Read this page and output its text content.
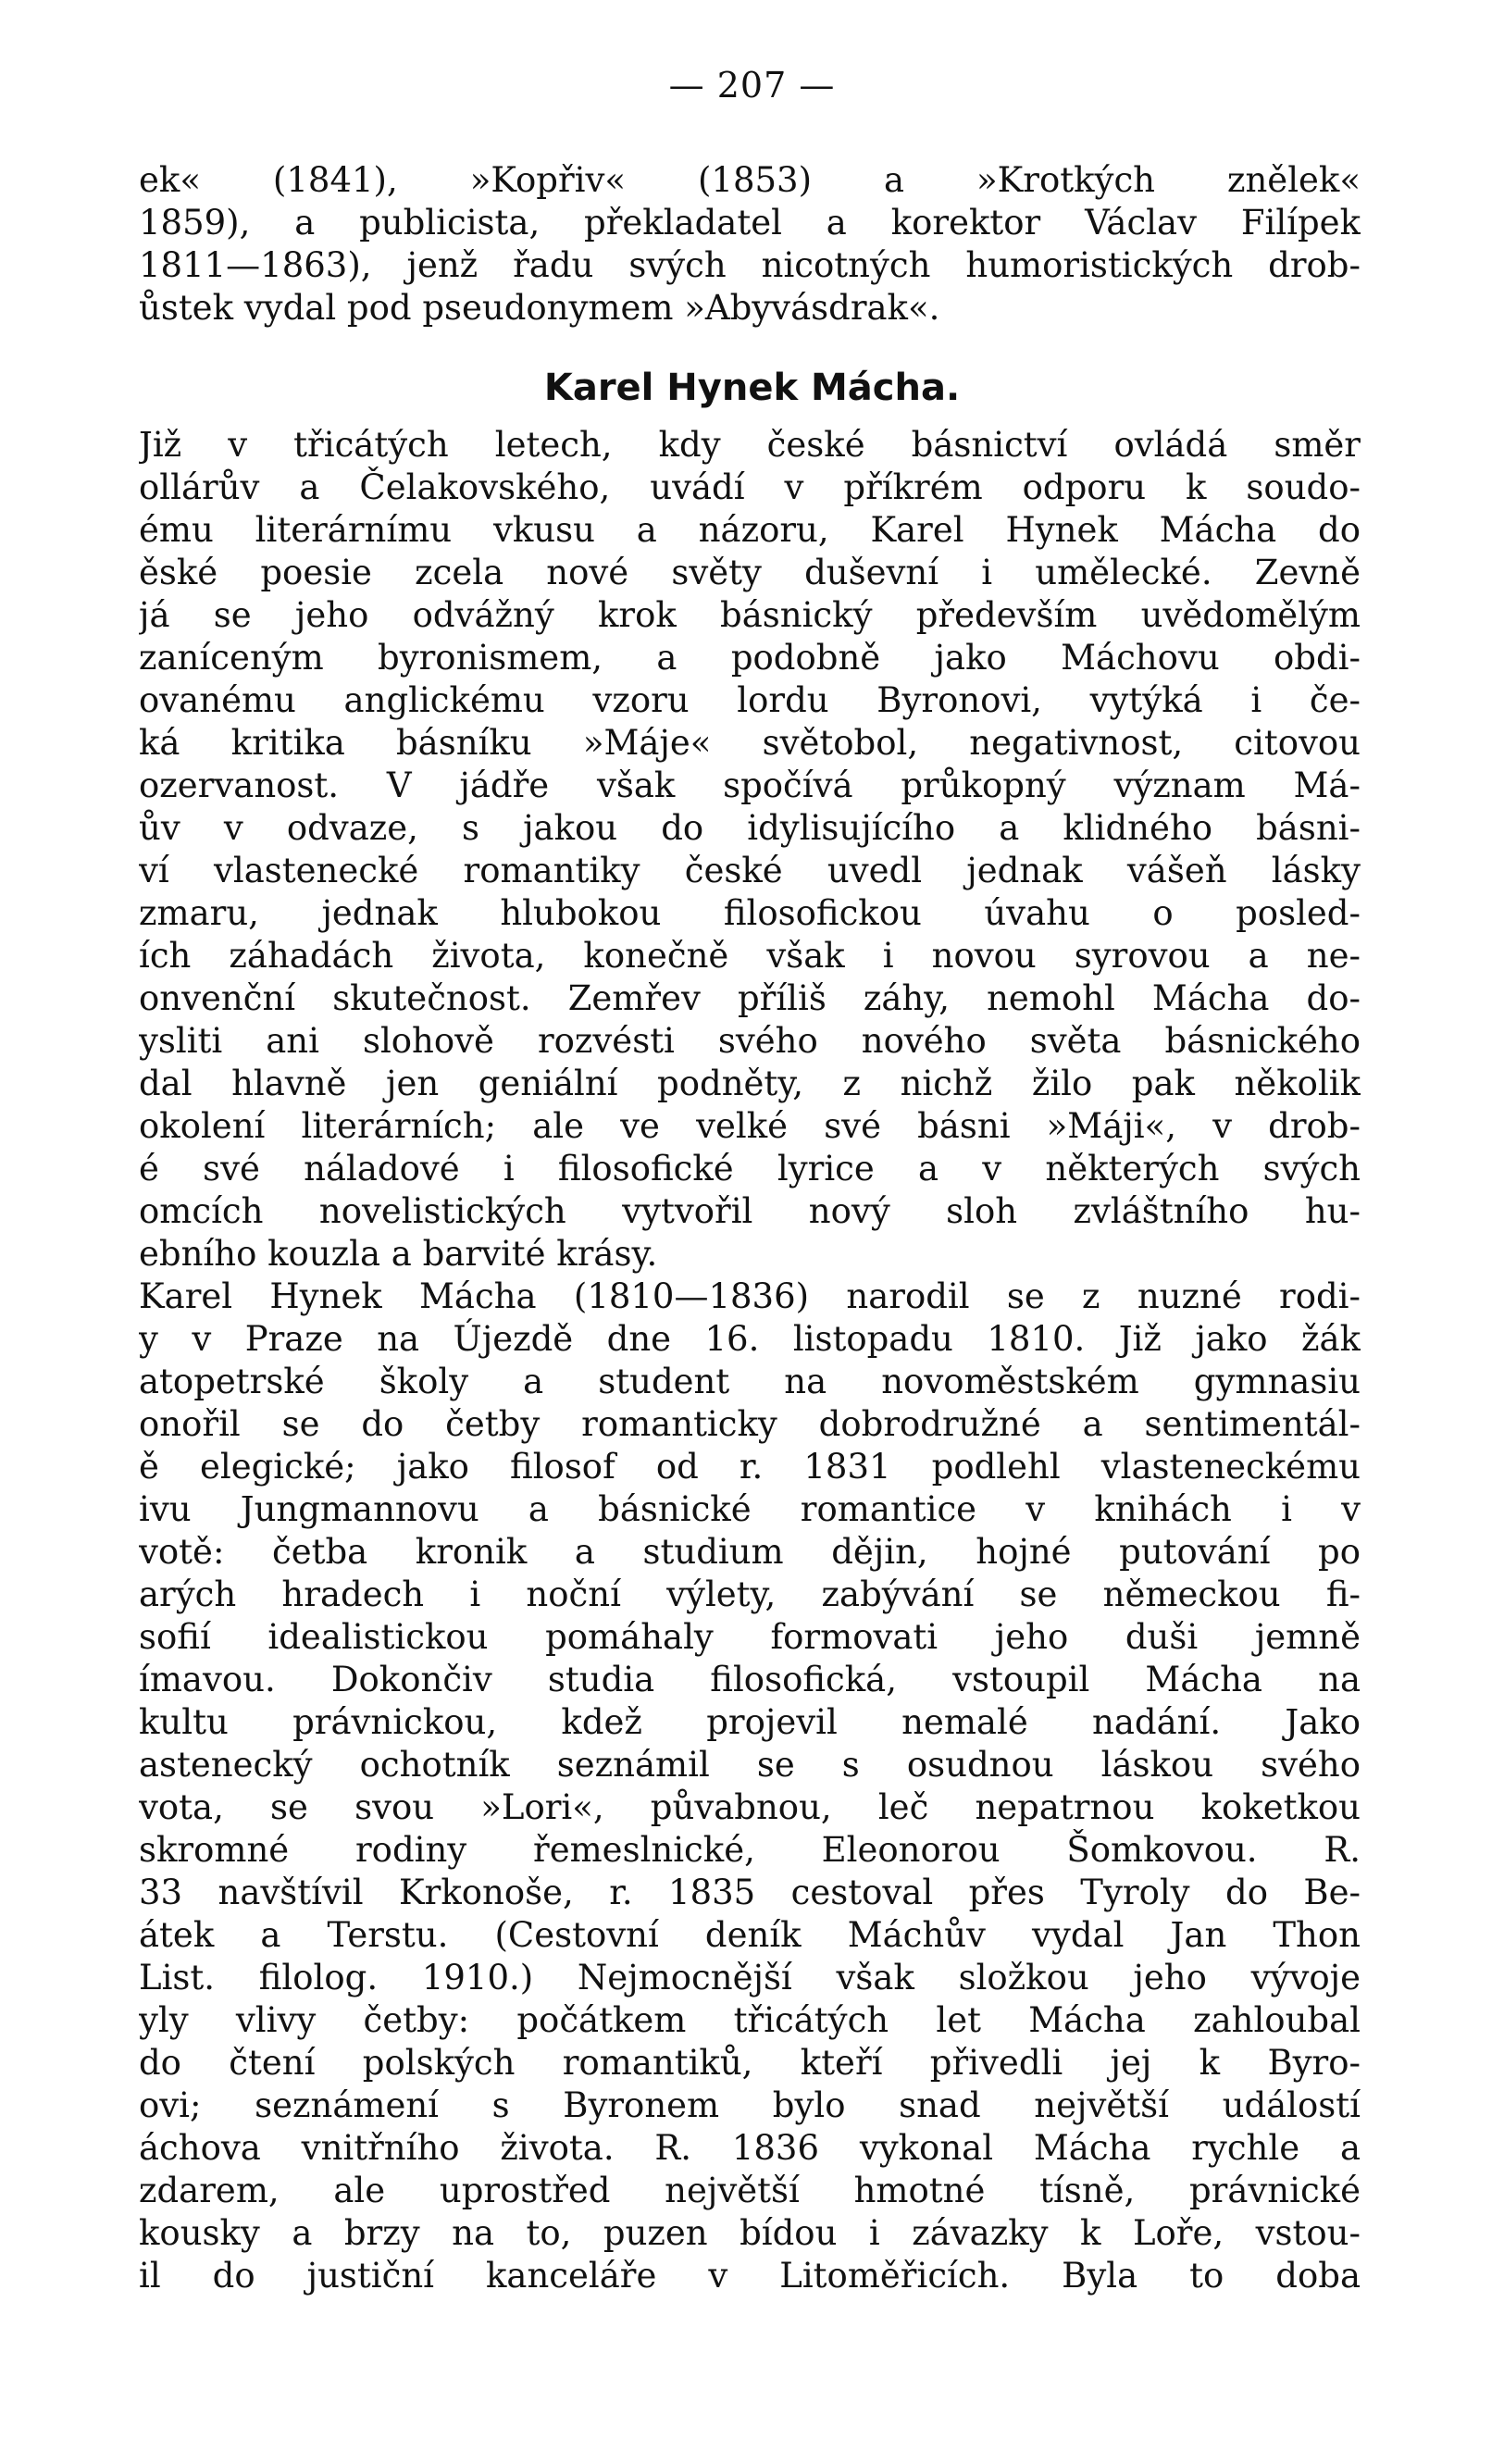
— 207 —
ek« (1841), »Kopřiv« (1853) a »Krotkých znělek«
1859), a publicista, překladatel a korektor Václav Filípek
1811—1863), jenž řadu svých nicotných humoristických drob-
ůstek vydal pod pseudonymem »Abyvásdrak«.
Karel Hynek Mácha.
Již v třicátých letech, kdy české básnictví ovládá směr
ollárův a Čelakovského, uvádí v příkrém odporu k soudo-
ému literárnímu vkusu a názoru, Karel Hynek Mácha do
ěské poesie zcela nové světy duševní i umělecké. Zevně
já se jeho odvážný krok básnický především uvědomělým
zaníceným byronismem, a podobně jako Máchovu obdi-
ovanému anglickému vzoru lordu Byronovi, vytýká i če-
ká kritika básníku »Máje« světobol, negativnost, citovou
ozervanost. V jádře však spočívá průkopný význam Má-
ův v odvaze, s jakou do idylisujícího a klidného básni-
ví vlastenecké romantiky české uvedl jednak vášeň lásky
zmaru, jednak hlubokou filosofickou úvahu o posled-
ích záhadách života, konečně však i novou syrovou a ne-
onvenční skutečnost. Zemřev příliš záhy, nemohl Mácha do-
ysliti ani slohově rozvésti svého nového světa básnického
dal hlavně jen geniální podněty, z nichž žilo pak několik
okolení literárních; ale ve velké své básni »Máji«, v drob-
é své náladové i filosofické lyrice a v některých svých
omcích novelistických vytvořil nový sloh zvláštního hu-
ebního kouzla a barvité krásy.
Karel Hynek Mácha (1810—1836) narodil se z nuzné rodi-
y v Praze na Újezdě dne 16. listopadu 1810. Již jako žák
atopetrské školy a student na novoměstském gymnasiu
onořil se do četby romanticky dobrodružné a sentimentál-
ě elegické; jako filosof od r. 1831 podlehl vlasteneckému
ivu Jungmannovu a básnické romantice v knihách i v
votě: četba kronik a studium dějin, hojné putování po
arých hradech i noční výlety, zabývání se německou fi-
sofií idealistickou pomáhaly formovati jeho duši jemně
ímavou. Dokončiv studia filosofická, vstoupil Mácha na
kultu právnickou, kdež projevil nemalé nadání. Jako
astenecký ochotník seznámil se s osudnou láskou svého
vota, se svou »Lori«, půvabnou, leč nepatrnou koketkou
skromné rodiny řemeslnické, Eleonorou Šomkovou. R.
33 navštívil Krkonoše, r. 1835 cestoval přes Tyroly do Be-
átek a Terstu. (Cestovní deník Máchův vydal Jan Thon
List. filolog. 1910.) Nejmocnější však složkou jeho vývoje
yly vlivy četby: počátkem třicátých let Mácha zahloubal
do čtení polských romantiků, kteří přivedli jej k Byro-
ovi; seznámení s Byronem bylo snad největší událostí
áchova vnitřního života. R. 1836 vykonal Mácha rychle a
zdarem, ale uprostřed největší hmotné tísně, právnické
kousky a brzy na to, puzen bídou i závazky k Loře, vstou-
il do justiční kanceláře v Litoměřicích. Byla to doba
